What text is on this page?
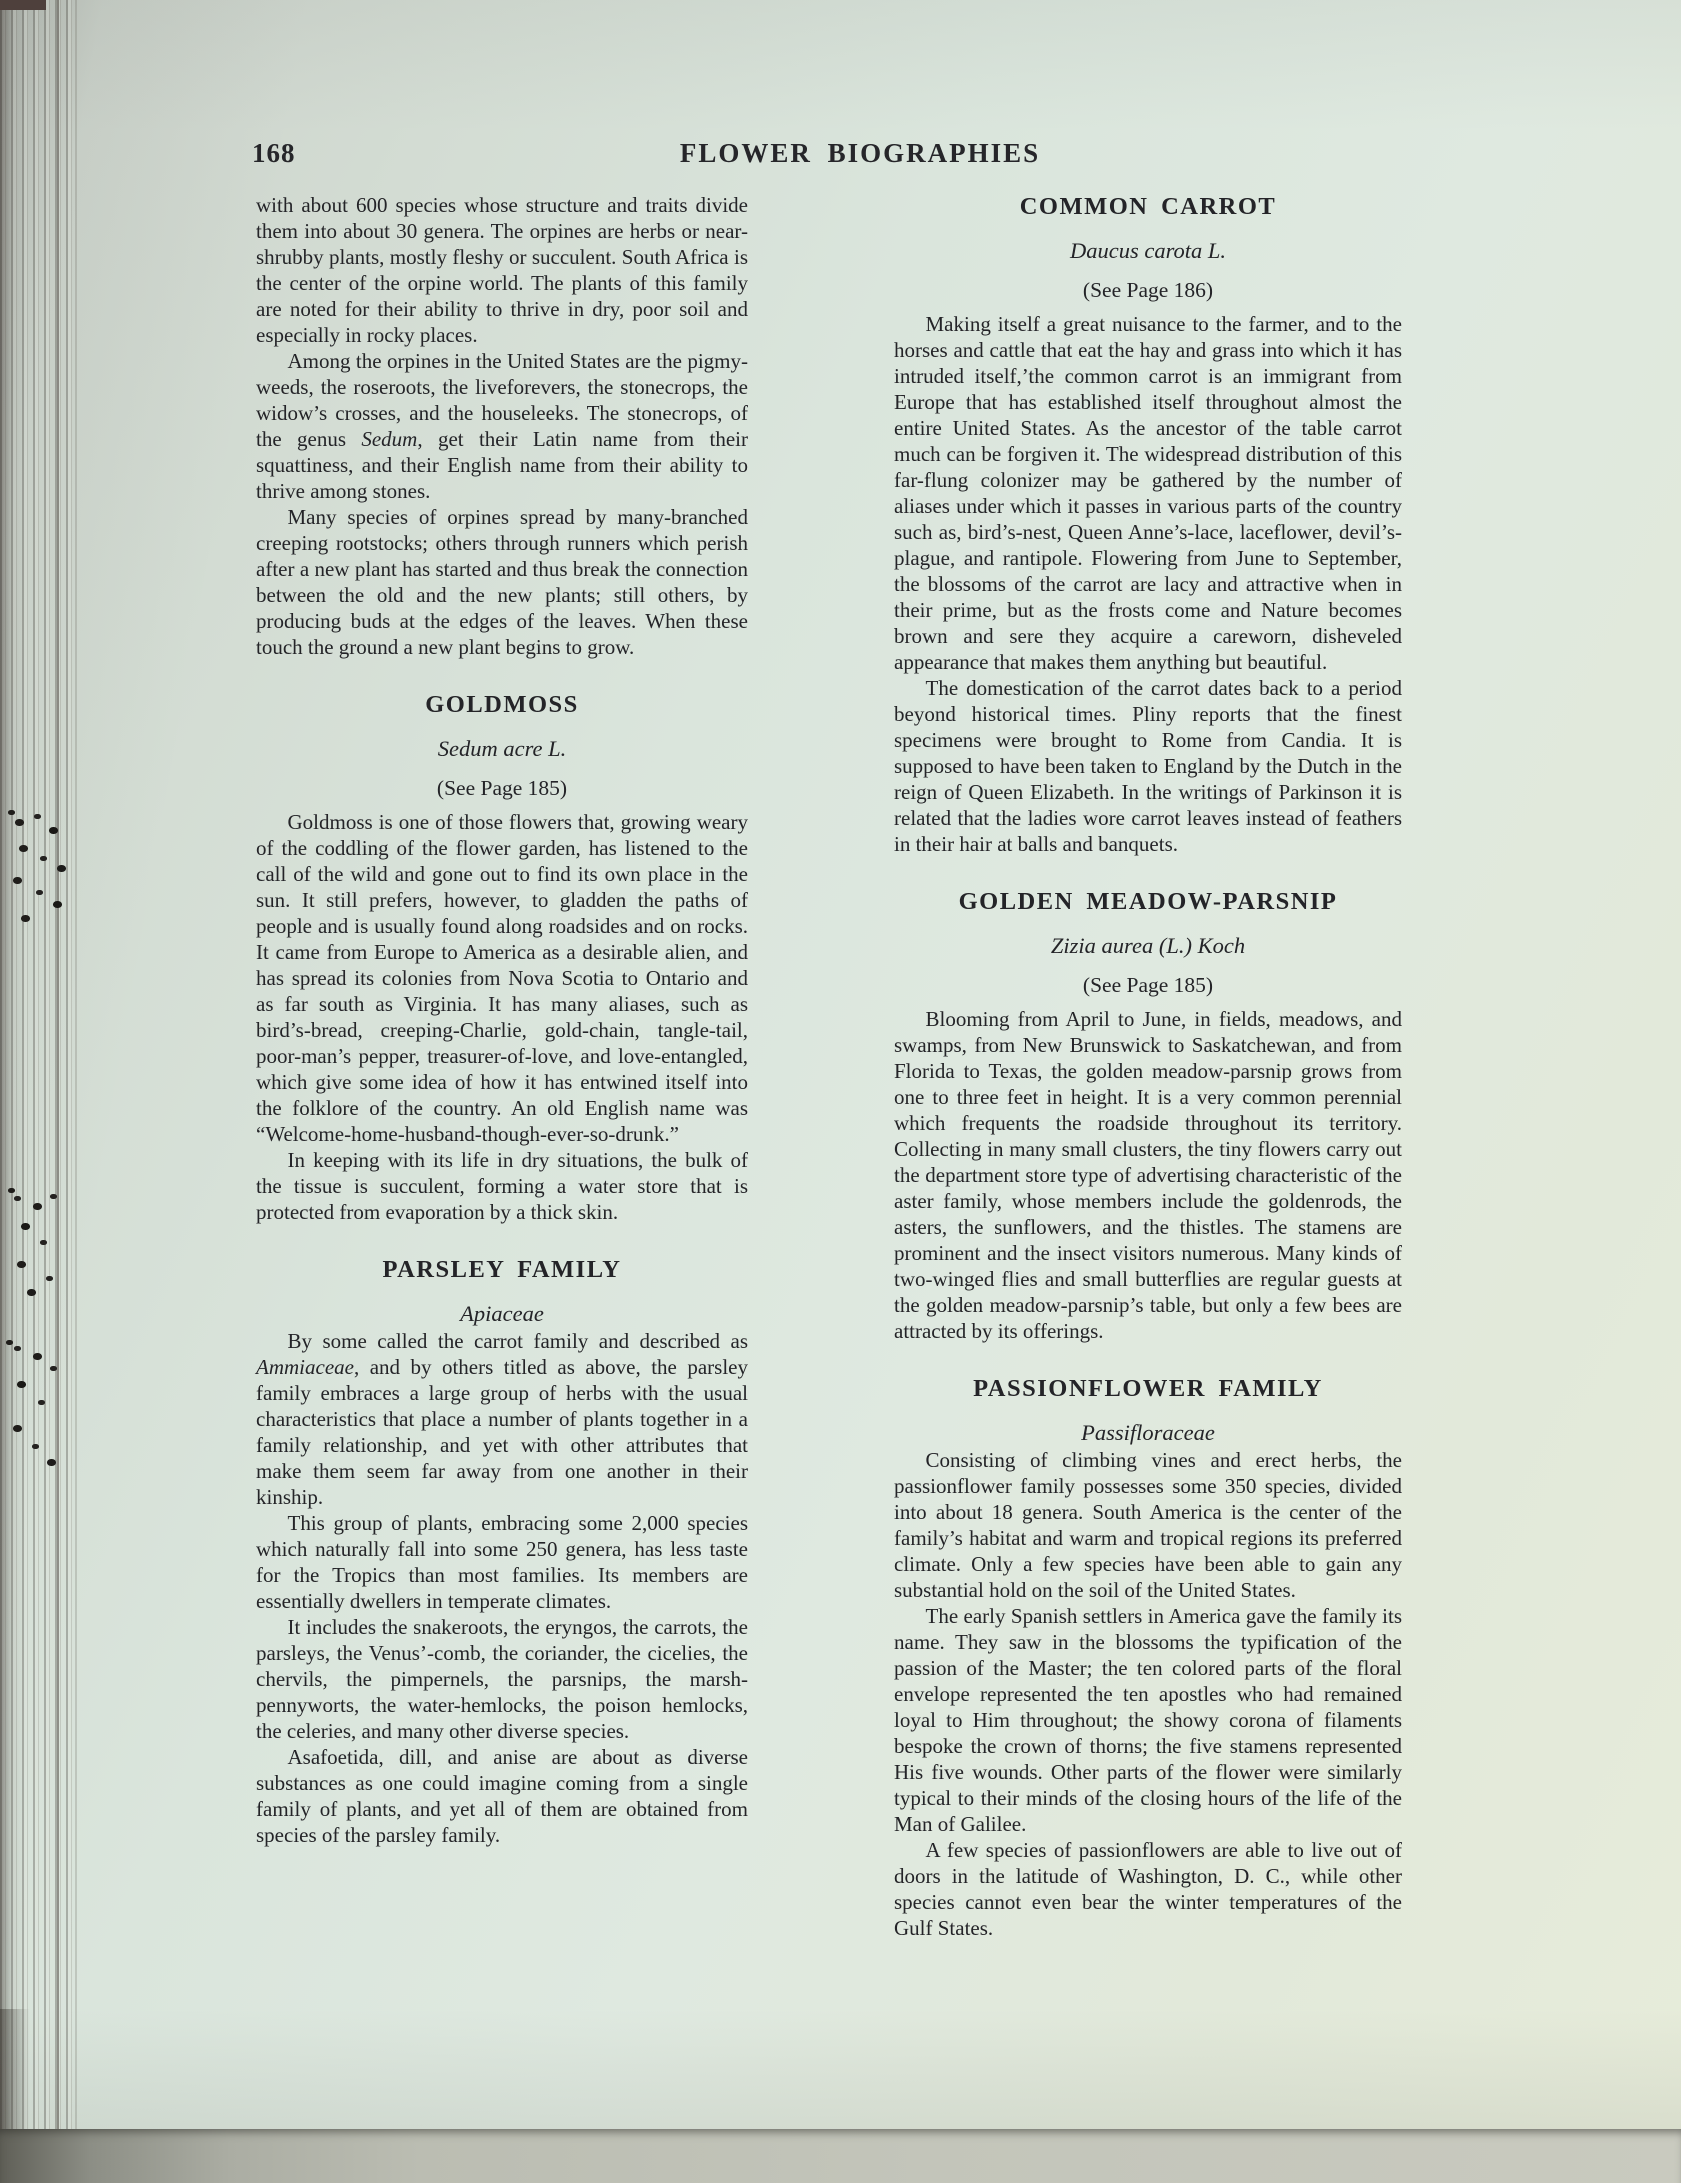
168	FLOWER BIOGRAPHIES
with about 600 species whose structure and traits divide them into about 30 genera. The orpines are herbs or near-shrubby plants, mostly fleshy or succulent. South Africa is the center of the orpine world. The plants of this family are noted for their ability to thrive in dry, poor soil and especially in rocky places.
Among the orpines in the United States are the pigmy-weeds, the roseroots, the liveforevers, the stonecrops, the widow’s crosses, and the houseleeks. The stonecrops, of the genus Sedum, get their Latin name from their squattiness, and their English name from their ability to thrive among stones.
Many species of orpines spread by many-branched creeping rootstocks; others through runners which perish after a new plant has started and thus break the connection between the old and the new plants; still others, by producing buds at the edges of the leaves. When these touch the ground a new plant begins to grow.
GOLDMOSS
Sedum acre L.
(See Page 185)
Goldmoss is one of those flowers that, growing weary of the coddling of the flower garden, has listened to the call of the wild and gone out to find its own place in the sun. It still prefers, however, to gladden the paths of people and is usually found along roadsides and on rocks. It came from Europe to America as a desirable alien, and has spread its colonies from Nova Scotia to Ontario and as far south as Virginia. It has many aliases, such as bird’s-bread, creeping-Charlie, gold-chain, tangle-tail, poor-man’s pepper, treasurer-of-love, and love-entangled, which give some idea of how it has entwined itself into the folklore of the country. An old English name was “Welcome-home-husband-though-ever-so-drunk.”
In keeping with its life in dry situations, the bulk of the tissue is succulent, forming a water store that is protected from evaporation by a thick skin.
PARSLEY FAMILY
Apiaceae
By some called the carrot family and described as Ammiaceae, and by others titled as above, the parsley family embraces a large group of herbs with the usual characteristics that place a number of plants together in a family relationship, and yet with other attributes that make them seem far away from one another in their kinship.
This group of plants, embracing some 2,000 species which naturally fall into some 250 genera, has less taste for the Tropics than most families. Its members are essentially dwellers in temperate climates.
It includes the snakeroots, the eryngos, the carrots, the parsleys, the Venus’-comb, the coriander, the cicelies, the chervils, the pimpernels, the parsnips, the marsh-pennyworts, the water-hemlocks, the poison hemlocks, the celeries, and many other diverse species.
Asafoetida, dill, and anise are about as diverse substances as one could imagine coming from a single family of plants, and yet all of them are obtained from species of the parsley family.
COMMON CARROT
Daucus carota L.
(See Page 186)
Making itself a great nuisance to the farmer, and to the horses and cattle that eat the hay and grass into which it has intruded itself,’the common carrot is an immigrant from Europe that has established itself throughout almost the entire United States. As the ancestor of the table carrot much can be forgiven it. The widespread distribution of this far-flung colonizer may be gathered by the number of aliases under which it passes in various parts of the country such as, bird’s-nest, Queen Anne’s-lace, laceflower, devil’s-plague, and rantipole. Flowering from June to September, the blossoms of the carrot are lacy and attractive when in their prime, but as the frosts come and Nature becomes brown and sere they acquire a careworn, disheveled appearance that makes them anything but beautiful.
The domestication of the carrot dates back to a period beyond historical times. Pliny reports that the finest specimens were brought to Rome from Candia. It is supposed to have been taken to England by the Dutch in the reign of Queen Elizabeth. In the writings of Parkinson it is related that the ladies wore carrot leaves instead of feathers in their hair at balls and banquets.
GOLDEN MEADOW-PARSNIP
Zizia aurea (L.) Koch
(See Page 185)
Blooming from April to June, in fields, meadows, and swamps, from New Brunswick to Saskatchewan, and from Florida to Texas, the golden meadow-parsnip grows from one to three feet in height. It is a very common perennial which frequents the roadside throughout its territory. Collecting in many small clusters, the tiny flowers carry out the department store type of advertising characteristic of the aster family, whose members include the goldenrods, the asters, the sunflowers, and the thistles. The stamens are prominent and the insect visitors numerous. Many kinds of two-winged flies and small butterflies are regular guests at the golden meadow-parsnip’s table, but only a few bees are attracted by its offerings.
PASSIONFLOWER FAMILY
Passifloraceae
Consisting of climbing vines and erect herbs, the passionflower family possesses some 350 species, divided into about 18 genera. South America is the center of the family’s habitat and warm and tropical regions its preferred climate. Only a few species have been able to gain any substantial hold on the soil of the United States.
The early Spanish settlers in America gave the family its name. They saw in the blossoms the typification of the passion of the Master; the ten colored parts of the floral envelope represented the ten apostles who had remained loyal to Him throughout; the showy corona of filaments bespoke the crown of thorns; the five stamens represented His five wounds. Other parts of the flower were similarly typical to their minds of the closing hours of the life of the Man of Galilee.
A few species of passionflowers are able to live out of doors in the latitude of Washington, D. C., while other species cannot even bear the winter temperatures of the Gulf States.
